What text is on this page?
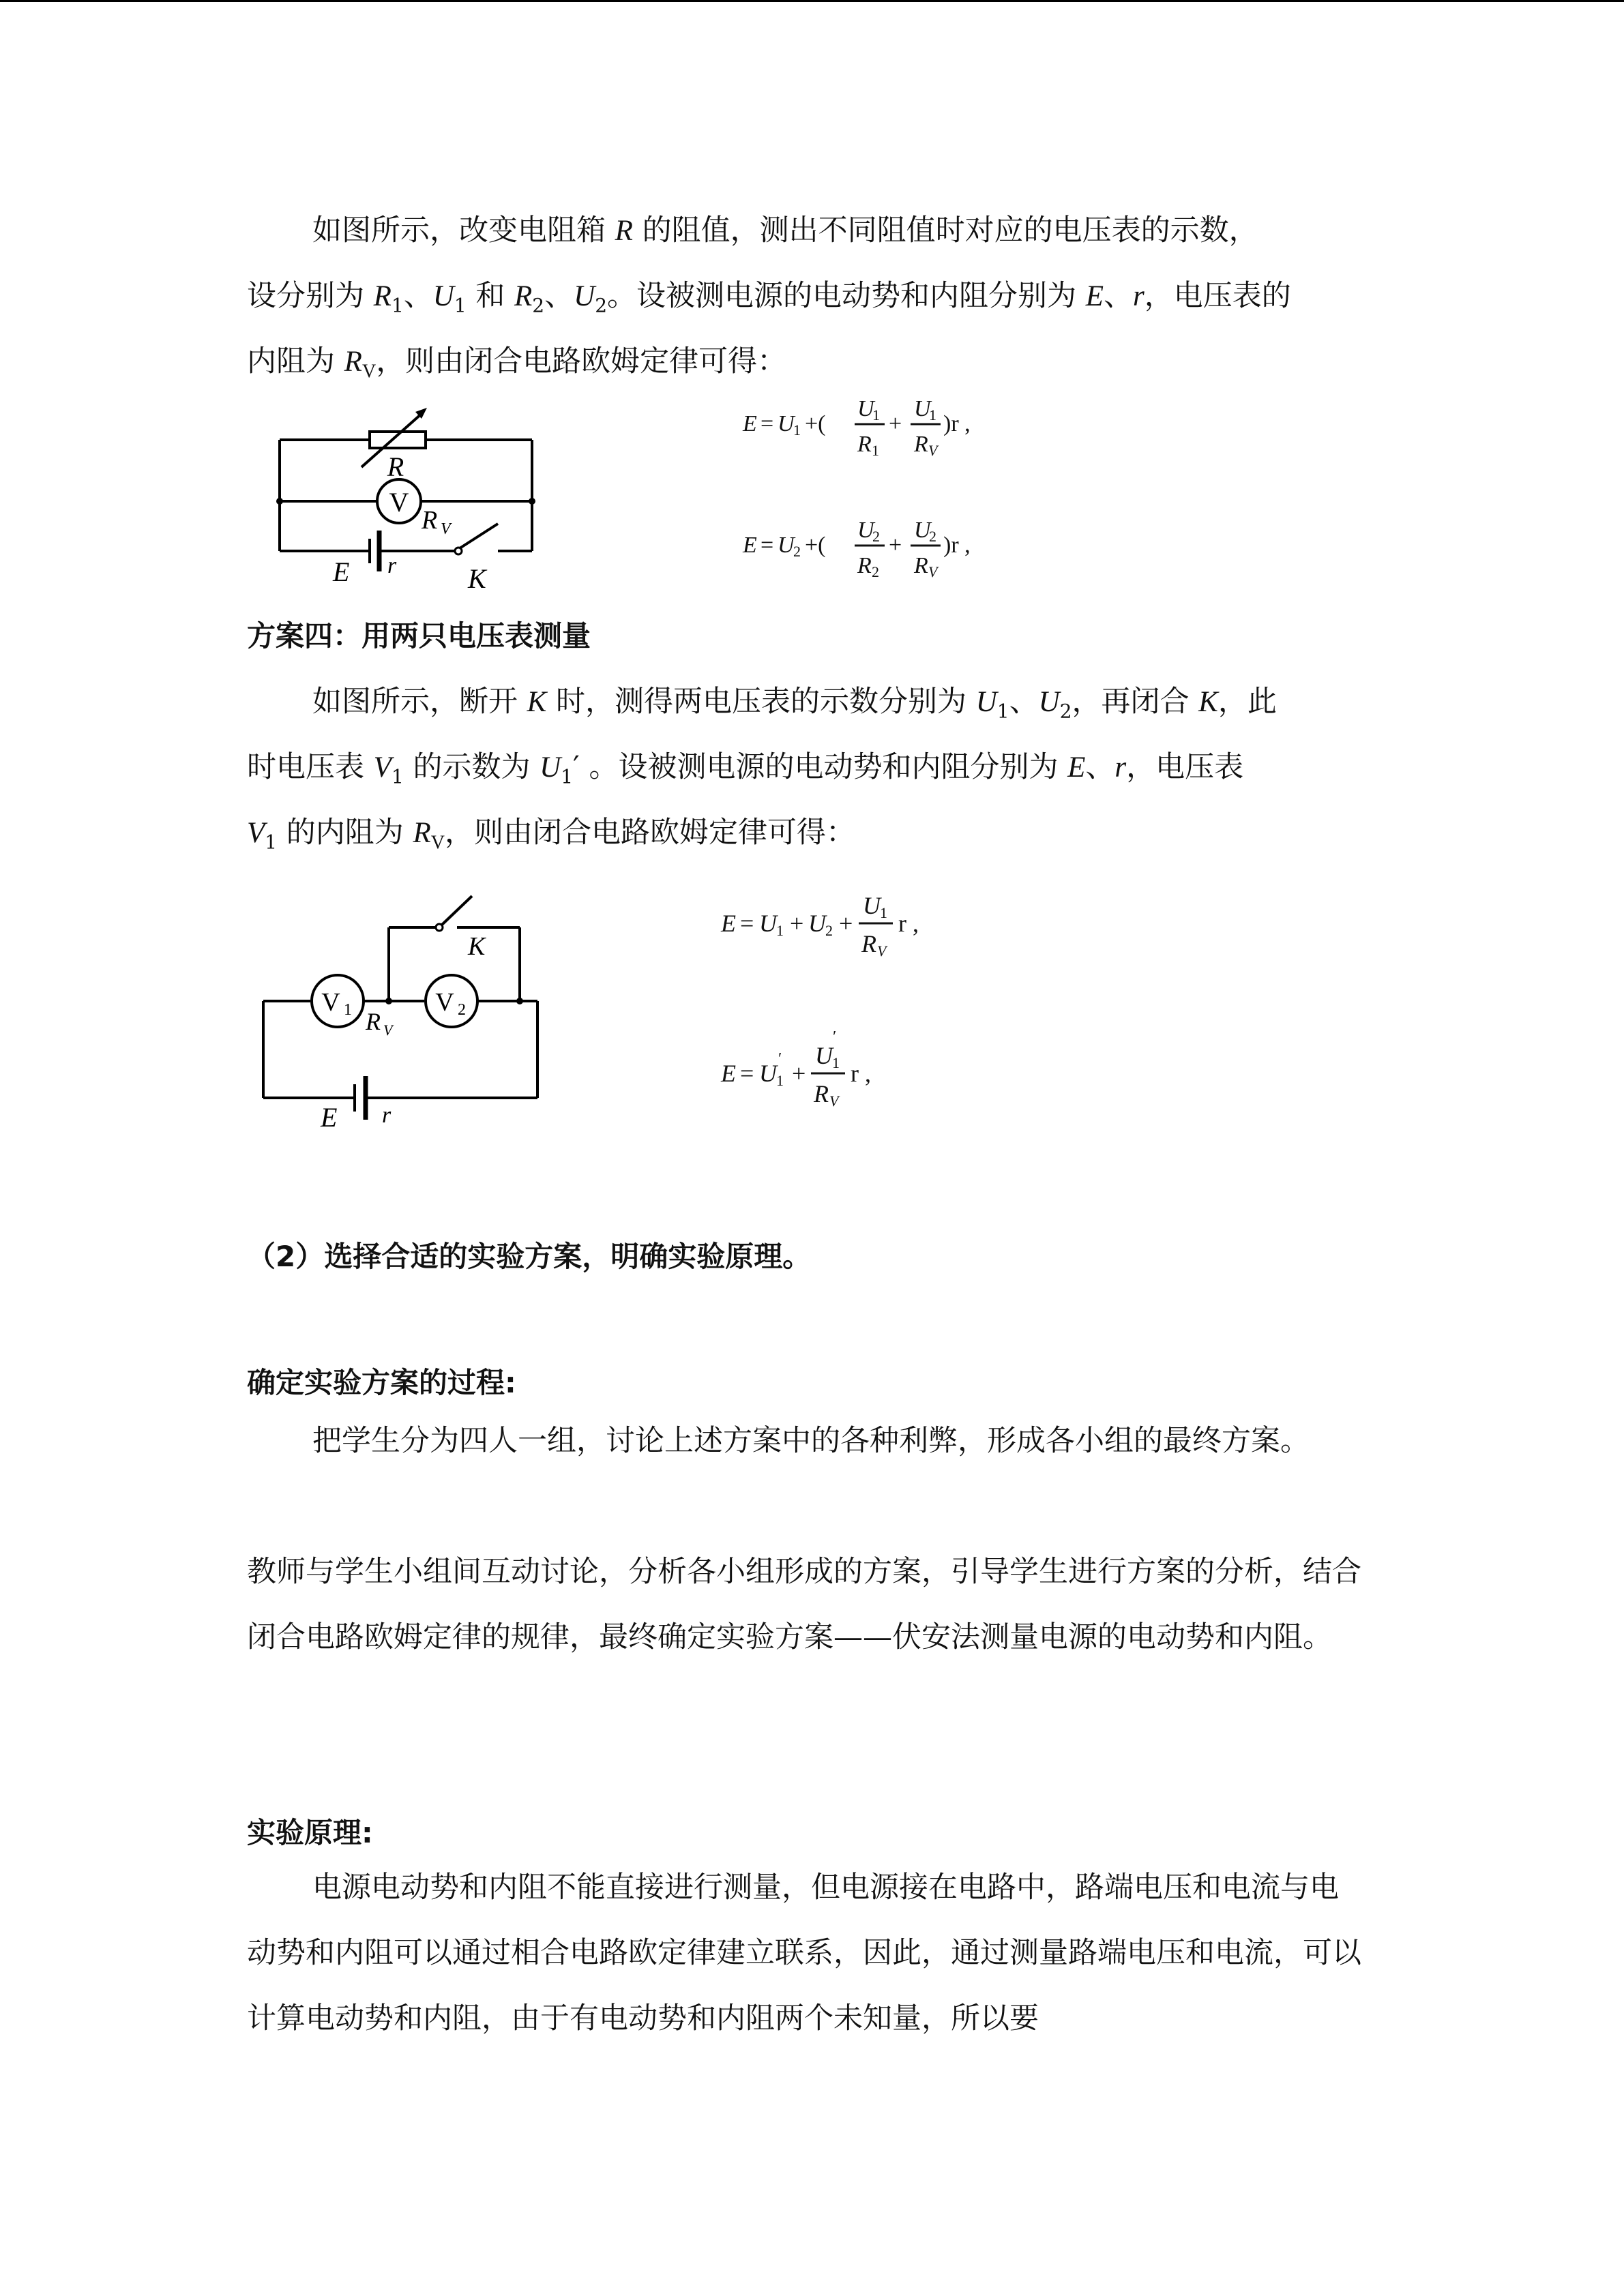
如图所示，改变电阻箱 R 的阻值，测出不同阻值时对应的电压表的示数，

设分别为 $R_1$、$U_1$ 和 $R_2$、$U_2$。设被测电源的电动势和内阻分别为 E、r，电压表的

内阻为 $R_V$，则由闭合电路欧姆定律可得：

R
V
R V
E r	K
E = U
1 +(
U
1
R 1
+
U
1
R V
)r ,
E = U
2 +(
U
2
R 2
+
U
2
R V
)r ,

方案四：用两只电压表测量

如图所示，断开 K 时，测得两电压表的示数分别为 $U_1$、$U_2$，再闭合 K，此

时电压表 $V_1$ 的示数为 $U_1'$ 。设被测电源的电动势和内阻分别为 E、r，电压表

$V_1$ 的内阻为 $R_V$，则由闭合电路欧姆定律可得：

V 1	V 2
R V
K
E r
E = U 1 + U 2 +
U 1
R V
r ,
E = U 1
′
+
U 1
′
R V
r ,

（2）选择合适的实验方案，明确实验原理。

确定实验方案的过程:

把学生分为四人一组，讨论上述方案中的各种利弊，形成各小组的最终方案。

教师与学生小组间互动讨论，分析各小组形成的方案，引导学生进行方案的分析，结合闭合电路欧姆定律的规律，最终确定实验方案——伏安法测量电源的电动势和内阻。

实验原理:

电源电动势和内阻不能直接进行测量，但电源接在电路中，路端电压和电流与电动势和内阻可以通过相合电路欧定律建立联系，因此，通过测量路端电压和电流，可以计算电动势和内阻，由于有电动势和内阻两个未知量，所以要
